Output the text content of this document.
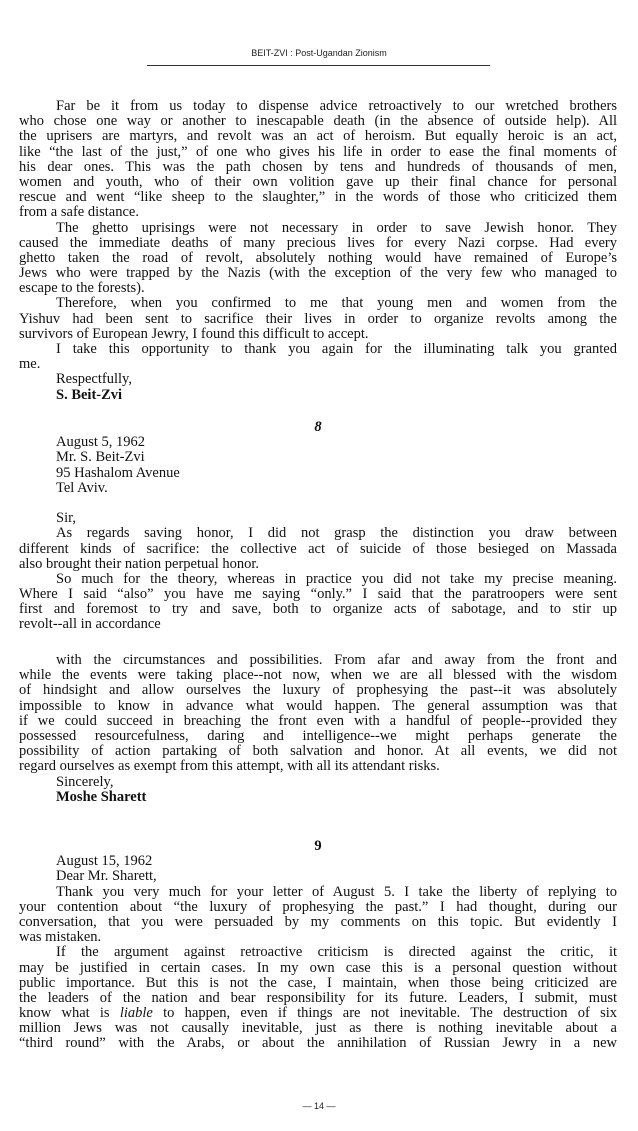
BEIT-ZVI : Post-Ugandan Zionism
Far be it from us today to dispense advice retroactively to our wretched brothers
who chose one way or another to inescapable death (in the absence of outside help). All
the uprisers are martyrs, and revolt was an act of heroism. But equally heroic is an act,
like “the last of the just,” of one who gives his life in order to ease the final moments of
his dear ones. This was the path chosen by tens and hundreds of thousands of men,
women and youth, who of their own volition gave up their final chance for personal
rescue and went “like sheep to the slaughter,” in the words of those who criticized them
from a safe distance.
The ghetto uprisings were not necessary in order to save Jewish honor. They
caused the immediate deaths of many precious lives for every Nazi corpse. Had every
ghetto taken the road of revolt, absolutely nothing would have remained of Europe’s
Jews who were trapped by the Nazis (with the exception of the very few who managed to
escape to the forests).
Therefore, when you confirmed to me that young men and women from the
Yishuv had been sent to sacrifice their lives in order to organize revolts among the
survivors of European Jewry, I found this difficult to accept.
I take this opportunity to thank you again for the illuminating talk you granted
me.
Respectfully,
S. Beit-Zvi
8
August 5, 1962
Mr. S. Beit-Zvi
95 Hashalom Avenue
Tel Aviv.
Sir,
As regards saving honor, I did not grasp the distinction you draw between
different kinds of sacrifice: the collective act of suicide of those besieged on Massada
also brought their nation perpetual honor.
So much for the theory, whereas in practice you did not take my precise meaning.
Where I said “also” you have me saying “only.” I said that the paratroopers were sent
first and foremost to try and save, both to organize acts of sabotage, and to stir up
revolt--all in accordance
with the circumstances and possibilities. From afar and away from the front and
while the events were taking place--not now, when we are all blessed with the wisdom
of hindsight and allow ourselves the luxury of prophesying the past--it was absolutely
impossible to know in advance what would happen. The general assumption was that
if we could succeed in breaching the front even with a handful of people--provided they
possessed resourcefulness, daring and intelligence--we might perhaps generate the
possibility of action partaking of both salvation and honor. At all events, we did not
regard ourselves as exempt from this attempt, with all its attendant risks.
Sincerely,
Moshe Sharett
9
August 15, 1962
Dear Mr. Sharett,
Thank you very much for your letter of August 5. I take the liberty of replying to
your contention about “the luxury of prophesying the past.” I had thought, during our
conversation, that you were persuaded by my comments on this topic. But evidently I
was mistaken.
If the argument against retroactive criticism is directed against the critic, it
may be justified in certain cases. In my own case this is a personal question without
public importance. But this is not the case, I maintain, when those being criticized are
the leaders of the nation and bear responsibility for its future. Leaders, I submit, must
know what is liable to happen, even if things are not inevitable. The destruction of six
million Jews was not causally inevitable, just as there is nothing inevitable about a
“third round” with the Arabs, or about the annihilation of Russian Jewry in a new
— 14 —
